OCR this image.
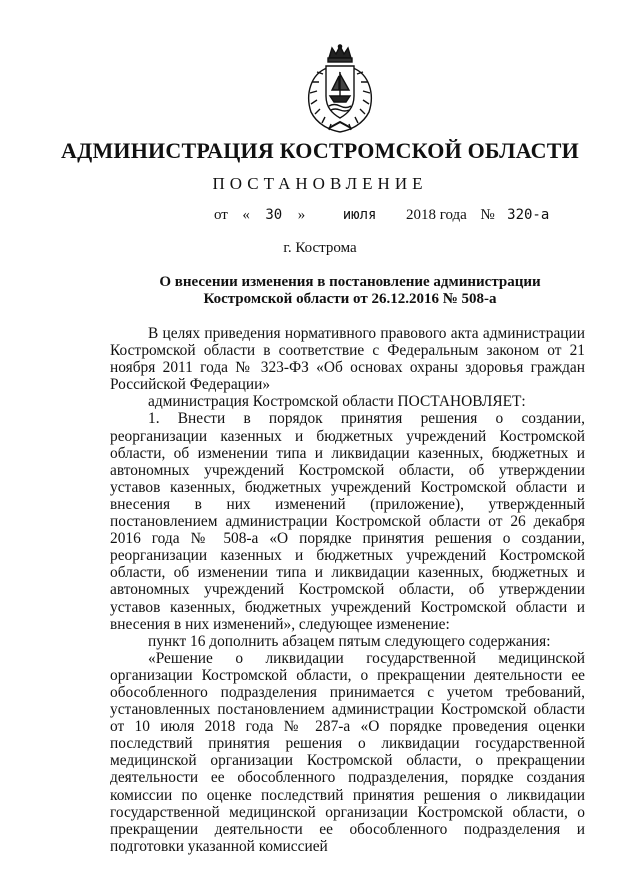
АДМИНИСТРАЦИЯ КОСТРОМСКОЙ ОБЛАСТИ
ПОСТАНОВЛЕНИЕ
от « 30 »	июля 2018 года № 320-а
г. Кострома
О внесении изменения в постановление администрации
Костромской области от 26.12.2016 № 508-а

В целях приведения нормативного правового акта администрации Костромской области в соответствие с Федеральным законом от 21 ноября 2011 года № 323-ФЗ «Об основах охраны здоровья граждан Российской Федерации»

администрация Костромской области ПОСТАНОВЛЯЕТ:

1. Внести в порядок принятия решения о создании, реорганизации казенных и бюджетных учреждений Костромской области, об изменении типа и ликвидации казенных, бюджетных и автономных учреждений Костромской области, об утверждении уставов казенных, бюджетных учреждений Костромской области и внесения в них изменений (приложение), утвержденный постановлением администрации Костромской области от 26 декабря 2016 года № 508-а «О порядке принятия решения о создании, реорганизации казенных и бюджетных учреждений Костромской области, об изменении типа и ликвидации казенных, бюджетных и автономных учреждений Костромской области, об утверждении уставов казенных, бюджетных учреждений Костромской области и внесения в них изменений», следующее изменение:

пункт 16 дополнить абзацем пятым следующего содержания:

«Решение о ликвидации государственной медицинской организации Костромской области, о прекращении деятельности ее обособленного подразделения принимается с учетом требований, установленных постановлением администрации Костромской области от 10 июля 2018 года № 287-а «О порядке проведения оценки последствий принятия решения о ликвидации государственной медицинской организации Костромской области, о прекращении деятельности ее обособленного подразделения, порядке создания комиссии по оценке последствий принятия решения о ликвидации государственной медицинской организации Костромской области, о прекращении деятельности ее обособленного подразделения и подготовки указанной комиссией
